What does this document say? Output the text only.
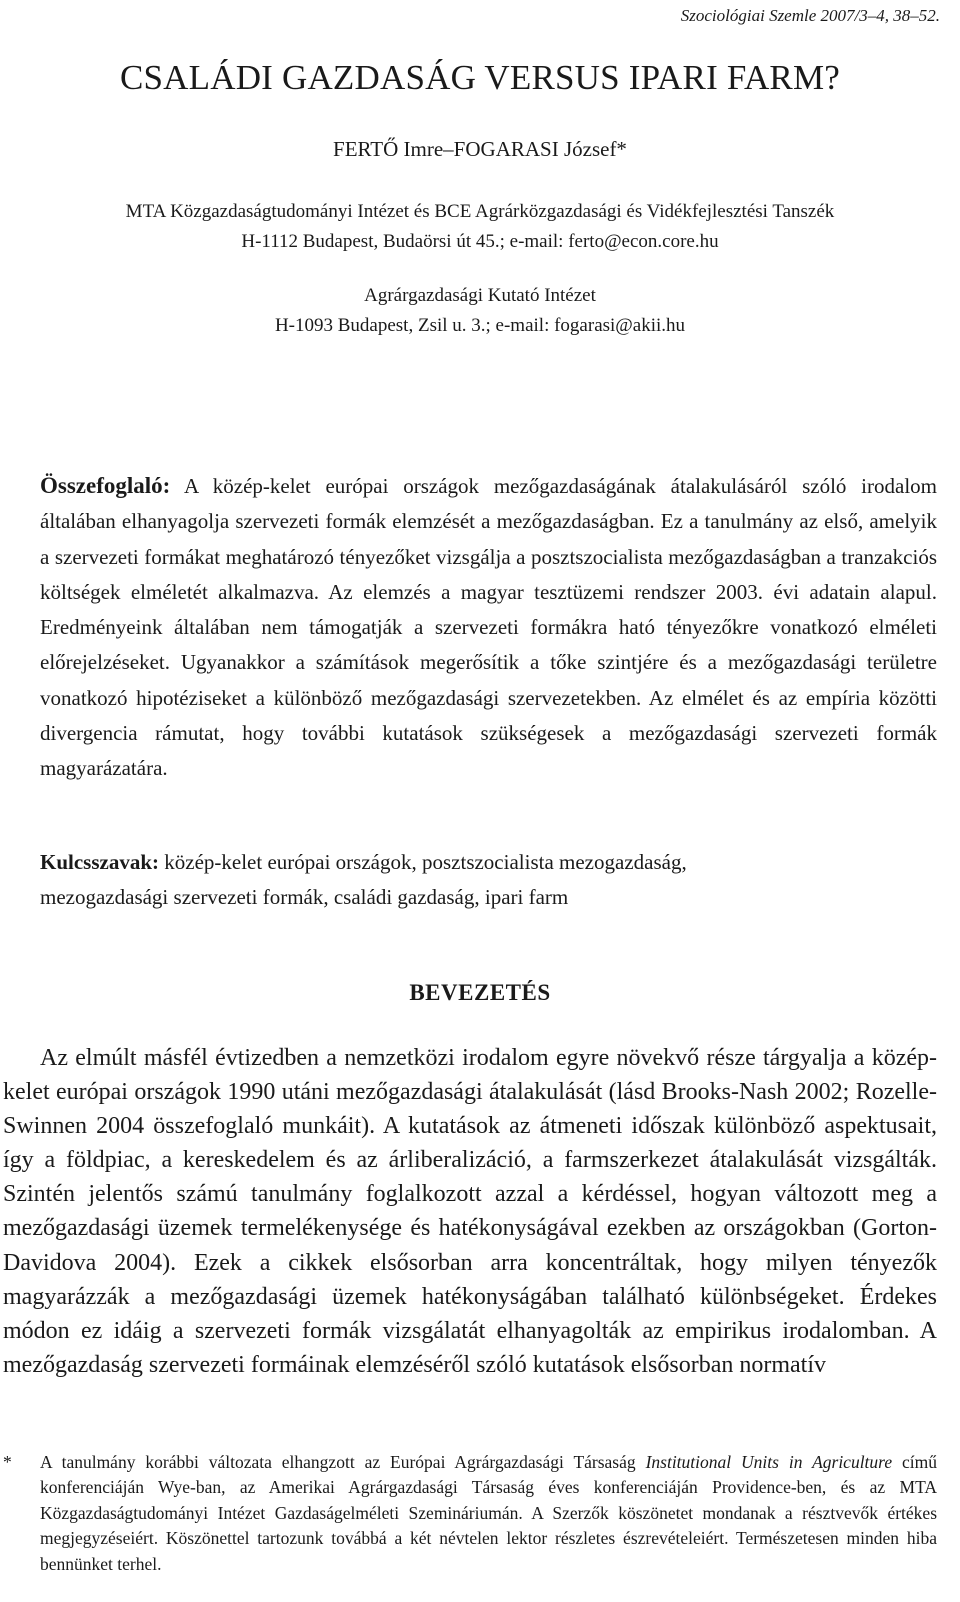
Szociológiai Szemle 2007/3–4, 38–52.
CSALÁDI GAZDASÁG VERSUS IPARI FARM?
FERTŐ Imre–FOGARASI József*
MTA Közgazdaságtudományi Intézet és BCE Agrárközgazdasági és Vidékfejlesztési Tanszék
H-1112 Budapest, Budaörsi út 45.; e-mail: ferto@econ.core.hu
Agrárgazdasági Kutató Intézet
H-1093 Budapest, Zsil u. 3.; e-mail: fogarasi@akii.hu
Összefoglaló: A közép-kelet európai országok mezőgazdaságának átalakulásáról szóló irodalom általában elhanyagolja szervezeti formák elemzését a mezőgazdaságban. Ez a tanulmány az első, amelyik a szervezeti formákat meghatározó tényezőket vizsgálja a posztszocialista mezőgazdaságban a tranzakciós költségek elméletét alkalmazva. Az elemzés a magyar tesztüzemi rendszer 2003. évi adatain alapul. Eredményeink általában nem támogatják a szervezeti formákra ható tényezőkre vonatkozó elméleti előrejelzéseket. Ugyanakkor a számítások megerősítik a tőke szintjére és a mezőgazdasági területre vonatkozó hipotéziseket a különböző mezőgazdasági szervezetekben. Az elmélet és az empíria közötti divergencia rámutat, hogy további kutatások szükségesek a mezőgazdasági szervezeti formák magyarázatára.
Kulcsszavak: közép-kelet európai országok, posztszocialista mezogazdaság,
mezogazdasági szervezeti formák, családi gazdaság, ipari farm
BEVEZETÉS

Az elmúlt másfél évtizedben a nemzetközi irodalom egyre növekvő része tárgyalja a közép-kelet európai országok 1990 utáni mezőgazdasági átalakulását (lásd Brooks-Nash 2002; Rozelle-Swinnen 2004 összefoglaló munkáit). A kutatások az átmeneti időszak különböző aspektusait, így a földpiac, a kereskedelem és az árliberalizáció, a farmszerkezet átalakulását vizsgálták. Szintén jelentős számú tanulmány foglalkozott azzal a kérdéssel, hogyan változott meg a mezőgazdasági üzemek termelékenysége és hatékonyságával ezekben az országokban (Gorton-Davidova 2004). Ezek a cikkek elsősorban arra koncentráltak, hogy milyen tényezők magyarázzák a mezőgazdasági üzemek hatékonyságában található különbségeket. Érdekes módon ez idáig a szervezeti formák vizsgálatát elhanyagolták az empirikus irodalomban. A mezőgazdaság szervezeti formáinak elemzéséről szóló kutatások elsősorban normatív

* A tanulmány korábbi változata elhangzott az Európai Agrárgazdasági Társaság Institutional Units in Agriculture című konferenciáján Wye-ban, az Amerikai Agrárgazdasági Társaság éves konferenciáján Providence-ben, és az MTA Közgazdaságtudományi Intézet Gazdaságelméleti Szemináriumán. A Szerzők köszönetet mondanak a résztvevők értékes megjegyzéseiért. Köszönettel tartozunk továbbá a két névtelen lektor részletes észrevételeiért. Természetesen minden hiba bennünket terhel.
